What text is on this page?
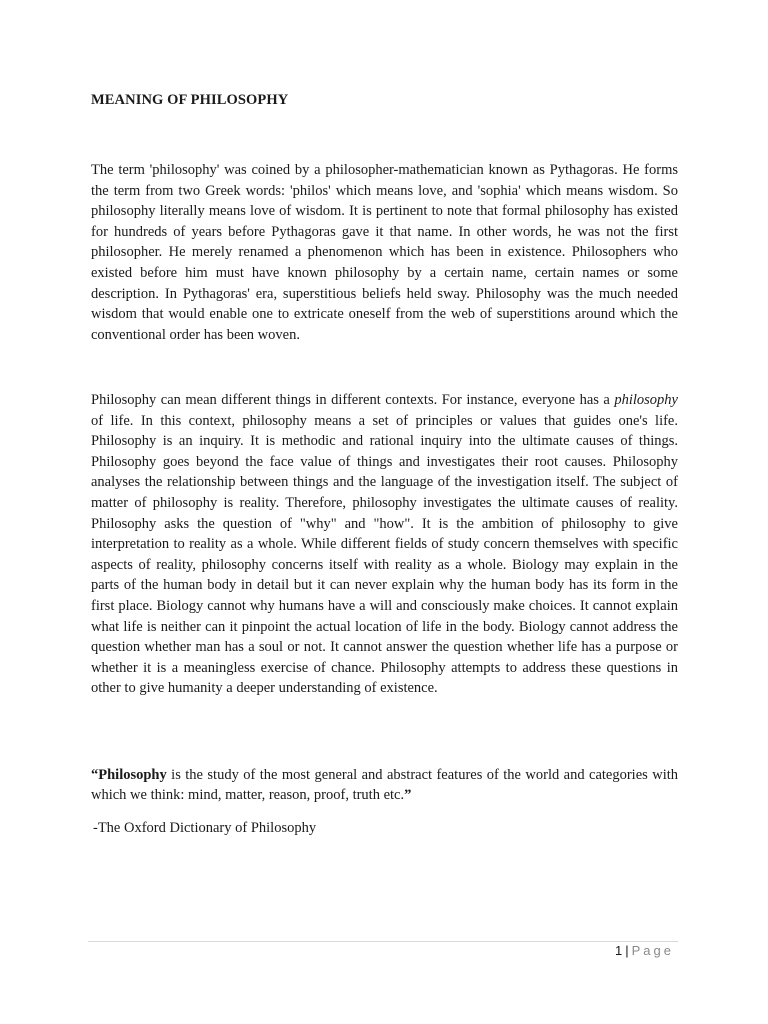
MEANING OF PHILOSOPHY

The term 'philosophy' was coined by a philosopher-mathematician known as Pythagoras. He forms the term from two Greek words: 'philos' which means love, and 'sophia' which means wisdom. So philosophy literally means love of wisdom. It is pertinent to note that formal philosophy has existed for hundreds of years before Pythagoras gave it that name. In other words, he was not the first philosopher. He merely renamed a phenomenon which has been in existence. Philosophers who existed before him must have known philosophy by a certain name, certain names or some description. In Pythagoras' era, superstitious beliefs held sway. Philosophy was the much needed wisdom that would enable one to extricate oneself from the web of superstitions around which the conventional order has been woven.

Philosophy can mean different things in different contexts. For instance, everyone has a philosophy of life. In this context, philosophy means a set of principles or values that guides one's life. Philosophy is an inquiry. It is methodic and rational inquiry into the ultimate causes of things. Philosophy goes beyond the face value of things and investigates their root causes. Philosophy analyses the relationship between things and the language of the investigation itself. The subject of matter of philosophy is reality. Therefore, philosophy investigates the ultimate causes of reality. Philosophy asks the question of "why" and "how". It is the ambition of philosophy to give interpretation to reality as a whole. While different fields of study concern themselves with specific aspects of reality, philosophy concerns itself with reality as a whole. Biology may explain in the parts of the human body in detail but it can never explain why the human body has its form in the first place. Biology cannot why humans have a will and consciously make choices. It cannot explain what life is neither can it pinpoint the actual location of life in the body. Biology cannot address the question whether man has a soul or not. It cannot answer the question whether life has a purpose or whether it is a meaningless exercise of chance. Philosophy attempts to address these questions in other to give humanity a deeper understanding of existence.

“Philosophy is the study of the most general and abstract features of the world and categories with which we think: mind, matter, reason, proof, truth etc.”

-The Oxford Dictionary of Philosophy
1 | Page
